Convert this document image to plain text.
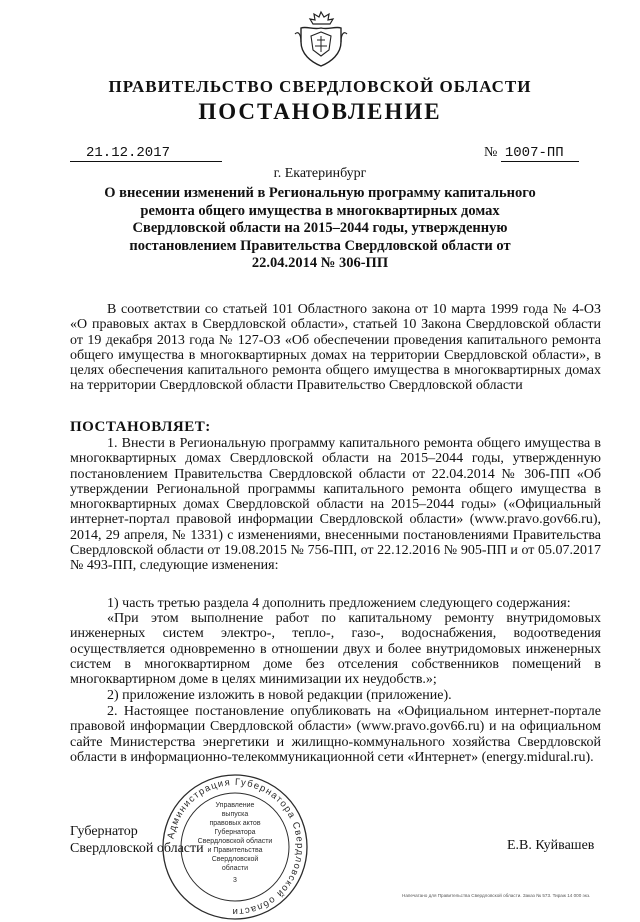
ПРАВИТЕЛЬСТВО СВЕРДЛОВСКОЙ ОБЛАСТИ
ПОСТАНОВЛЕНИЕ
21.12.2017	№ 1007-ПП
г. Екатеринбург
О внесении изменений в Региональную программу капитального ремонта общего имущества в многоквартирных домах Свердловской области на 2015–2044 годы, утвержденную постановлением Правительства Свердловской области от 22.04.2014 № 306-ПП
В соответствии со статьей 101 Областного закона от 10 марта 1999 года № 4-ОЗ «О правовых актах в Свердловской области», статьей 10 Закона Свердловской области от 19 декабря 2013 года № 127-ОЗ «Об обеспечении проведения капитального ремонта общего имущества в многоквартирных домах на территории Свердловской области», в целях обеспечения капитального ремонта общего имущества в многоквартирных домах на территории Свердловской области Правительство Свердловской области
ПОСТАНОВЛЯЕТ:
1. Внести в Региональную программу капитального ремонта общего имущества в многоквартирных домах Свердловской области на 2015–2044 годы, утвержденную постановлением Правительства Свердловской области от 22.04.2014 № 306-ПП «Об утверждении Региональной программы капитального ремонта общего имущества в многоквартирных домах Свердловской области на 2015–2044 годы» («Официальный интернет-портал правовой информации Свердловской области» (www.pravo.gov66.ru), 2014, 29 апреля, № 1331) с изменениями, внесенными постановлениями Правительства Свердловской области от 19.08.2015 № 756-ПП, от 22.12.2016 № 905-ПП и от 05.07.2017 № 493-ПП, следующие изменения:
1) часть третью раздела 4 дополнить предложением следующего содержания:
«При этом выполнение работ по капитальному ремонту внутридомовых инженерных систем электро-, тепло-, газо-, водоснабжения, водоотведения осуществляется одновременно в отношении двух и более внутридомовых инженерных систем в многоквартирном доме без отселения собственников помещений в многоквартирном доме в целях минимизации их неудобств.»;
2) приложение изложить в новой редакции (приложение).
2. Настоящее постановление опубликовать на «Официальном интернет-портале правовой информации Свердловской области» (www.pravo.gov66.ru) и на официальном сайте Министерства энергетики и жилищно-коммунального хозяйства Свердловской области в информационно-телекоммуникационной сети «Интернет» (energy.midural.ru).
Губернатор
Свердловской области	Е.В. Куйвашев
Администрация Губернатора Свердловской области
Управление
выпуска
правовых актов
Губернатора
Свердловской области
и Правительства
Свердловской
области
3
Напечатано для Правительства Свердловской области. Заказ № 573. Тираж 14 000 экз.
